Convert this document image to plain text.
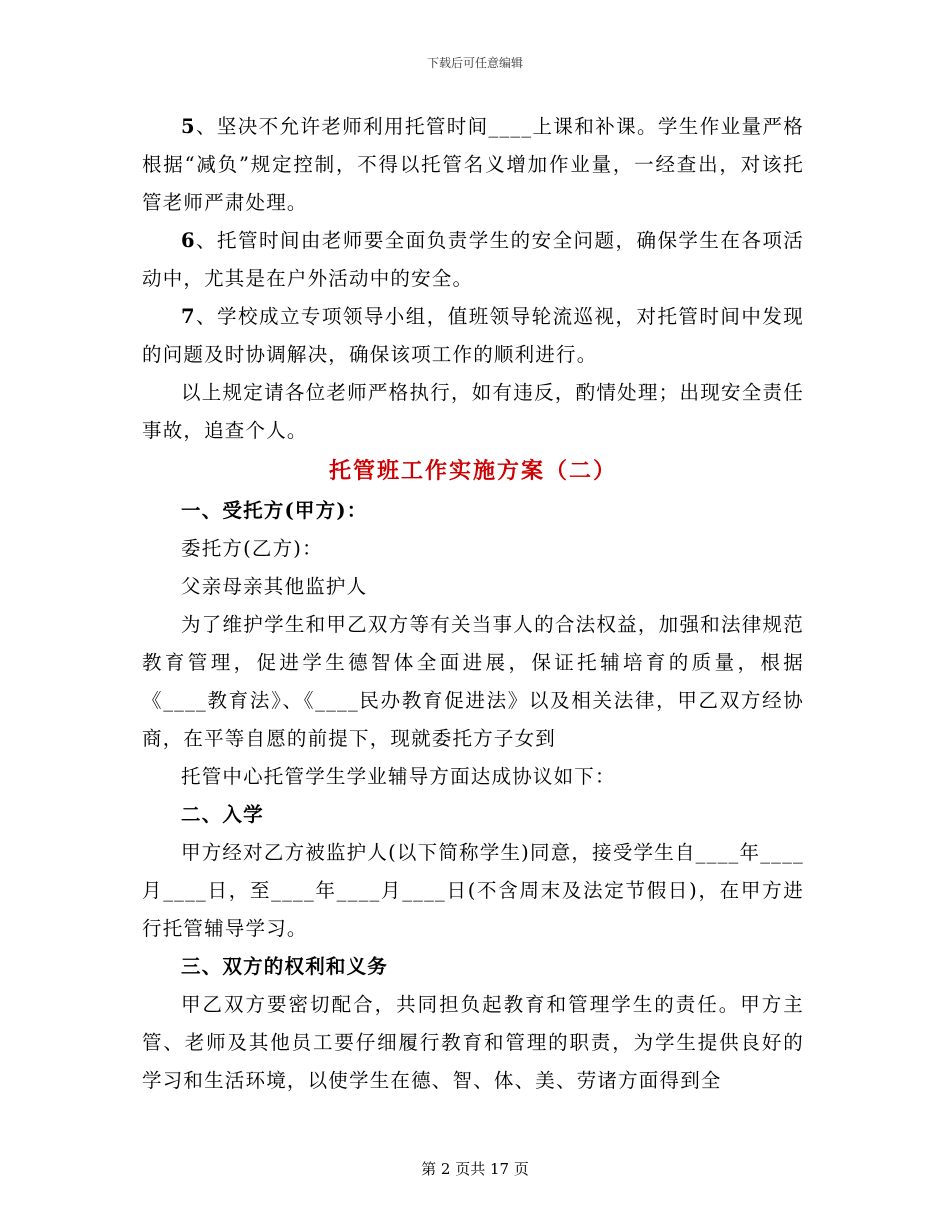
下载后可任意编辑

5、坚决不允许老师利用托管时间____上课和补课。学生作业量严格根据“减负”规定控制，不得以托管名义增加作业量，一经查出，对该托管老师严肃处理。

6、托管时间由老师要全面负责学生的安全问题，确保学生在各项活动中，尤其是在户外活动中的安全。

7、学校成立专项领导小组，值班领导轮流巡视，对托管时间中发现的问题及时协调解决，确保该项工作的顺利进行。

以上规定请各位老师严格执行，如有违反，酌情处理；出现安全责任事故，追查个人。

托管班工作实施方案（二）

一、受托方(甲方)：

委托方(乙方)：

父亲母亲其他监护人

为了维护学生和甲乙双方等有关当事人的合法权益，加强和法律规范教育管理，促进学生德智体全面进展，保证托辅培育的质量，根据《____教育法》、《____民办教育促进法》以及相关法律，甲乙双方经协商，在平等自愿的前提下，现就委托方子女到

托管中心托管学生学业辅导方面达成协议如下：

二、入学

甲方经对乙方被监护人(以下简称学生)同意，接受学生自____年____月____日，至____年____月____日(不含周末及法定节假日)，在甲方进行托管辅导学习。

三、双方的权利和义务

甲乙双方要密切配合，共同担负起教育和管理学生的责任。甲方主管、老师及其他员工要仔细履行教育和管理的职责，为学生提供良好的学习和生活环境，以使学生在德、智、体、美、劳诸方面得到全

第 2 页共 17 页
